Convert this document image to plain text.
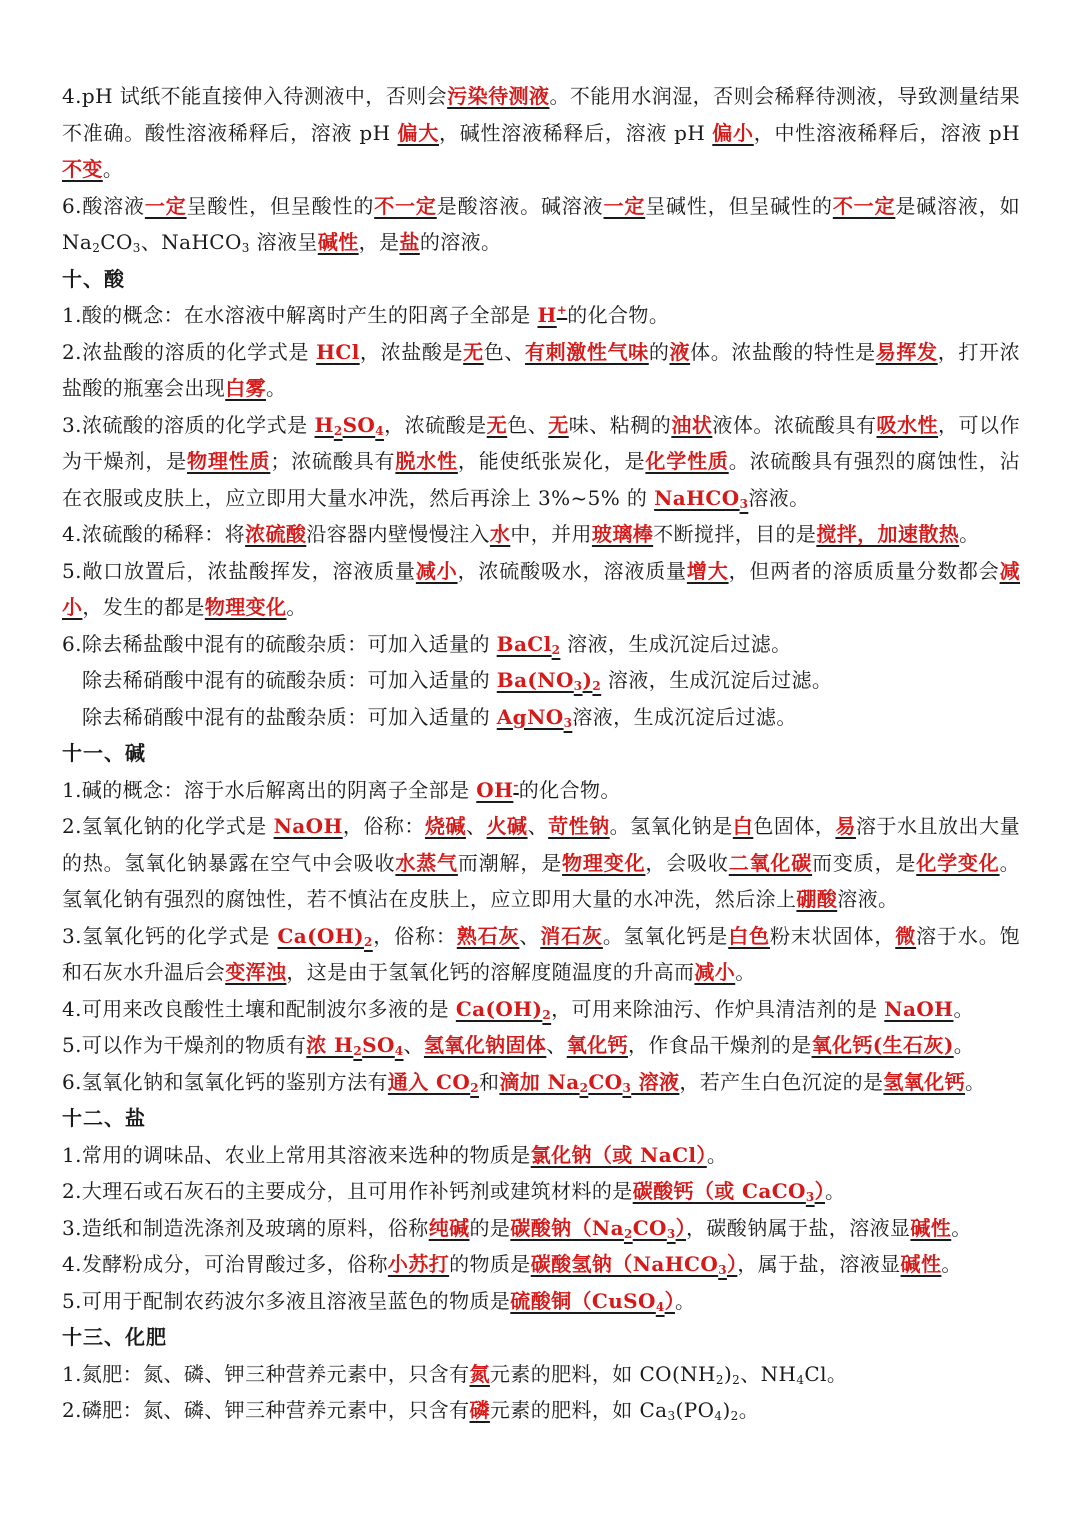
4.pH 试纸不能直接伸入待测液中，否则会污染待测液。不能用水润湿，否则会稀释待测液，导致测量结果不准确。酸性溶液稀释后，溶液 pH 偏大，碱性溶液稀释后，溶液 pH 偏小，中性溶液稀释后，溶液 pH 不变。

6.酸溶液一定呈酸性，但呈酸性的不一定是酸溶液。碱溶液一定呈碱性，但呈碱性的不一定是碱溶液，如 $Na_2CO_3$、NaHCO$_3$ 溶液呈碱性，是盐的溶液。

十、酸

1.酸的概念：在水溶液中解离时产生的阳离子全部是 H+的化合物。

2.浓盐酸的溶质的化学式是 HCl，浓盐酸是无色、有刺激性气味的液体。浓盐酸的特性是易挥发，打开浓盐酸的瓶塞会出现白雾。

3.浓硫酸的溶质的化学式是 $H_2SO_4$，浓硫酸是无色、无味、粘稠的油状液体。浓硫酸具有吸水性，可以作为干燥剂，是物理性质；浓硫酸具有脱水性，能使纸张炭化，是化学性质。浓硫酸具有强烈的腐蚀性，沾在衣服或皮肤上，应立即用大量水冲洗，然后再涂上 3%~5% 的 NaHCO$_3$溶液。

4.浓硫酸的稀释：将浓硫酸沿容器内壁慢慢注入水中，并用玻璃棒不断搅拌，目的是搅拌，加速散热。

5.敞口放置后，浓盐酸挥发，溶液质量减小，浓硫酸吸水，溶液质量增大，但两者的溶质质量分数都会减小，发生的都是物理变化。

6.除去稀盐酸中混有的硫酸杂质：可加入适量的 BaCl$_2$ 溶液，生成沉淀后过滤。

除去稀硝酸中混有的硫酸杂质：可加入适量的 $Ba(NO_3)_2$ 溶液，生成沉淀后过滤。

除去稀硝酸中混有的盐酸杂质：可加入适量的 AgNO$_3$溶液，生成沉淀后过滤。

十一、碱

1.碱的概念：溶于水后解离出的阴离子全部是 OH-的化合物。

2.氢氧化钠的化学式是 NaOH，俗称：烧碱、火碱、苛性钠。氢氧化钠是白色固体，易溶于水且放出大量的热。氢氧化钠暴露在空气中会吸收水蒸气而潮解，是物理变化，会吸收二氧化碳而变质，是化学变化。氢氧化钠有强烈的腐蚀性，若不慎沾在皮肤上，应立即用大量的水冲洗，然后涂上硼酸溶液。

3.氢氧化钙的化学式是 $Ca(OH)_2$，俗称：熟石灰、消石灰。氢氧化钙是白色粉末状固体，微溶于水。饱和石灰水升温后会变浑浊，这是由于氢氧化钙的溶解度随温度的升高而减小。

4.可用来改良酸性土壤和配制波尔多液的是 $Ca(OH)_2$，可用来除油污、作炉具清洁剂的是 NaOH。

5.可以作为干燥剂的物质有浓 $H_2SO_4$、氢氧化钠固体、氧化钙，作食品干燥剂的是氧化钙(生石灰)。

6.氢氧化钠和氢氧化钙的鉴别方法有通入 $CO_2$和滴加 $Na_2CO_3$ 溶液，若产生白色沉淀的是氢氧化钙。

十二、盐

1.常用的调味品、农业上常用其溶液来选种的物质是氯化钠（或 NaCl）。

2.大理石或石灰石的主要成分，且可用作补钙剂或建筑材料的是碳酸钙（或 CaCO$_3$）。

3.造纸和制造洗涤剂及玻璃的原料，俗称纯碱的是碳酸钠$(Na_2CO_3)$，碳酸钠属于盐，溶液显碱性。

4.发酵粉成分，可治胃酸过多，俗称小苏打的物质是碳酸氢钠（NaHCO$_3$），属于盐，溶液显碱性。

5.可用于配制农药波尔多液且溶液呈蓝色的物质是硫酸铜（CuSO$_4$）。

十三、化肥

1.氮肥：氮、磷、钾三种营养元素中，只含有氮元素的肥料，如 $CO(NH_2)_2$、$NH_4Cl$。

2.磷肥：氮、磷、钾三种营养元素中，只含有磷元素的肥料，如 $Ca_3(PO_4)_2$。
